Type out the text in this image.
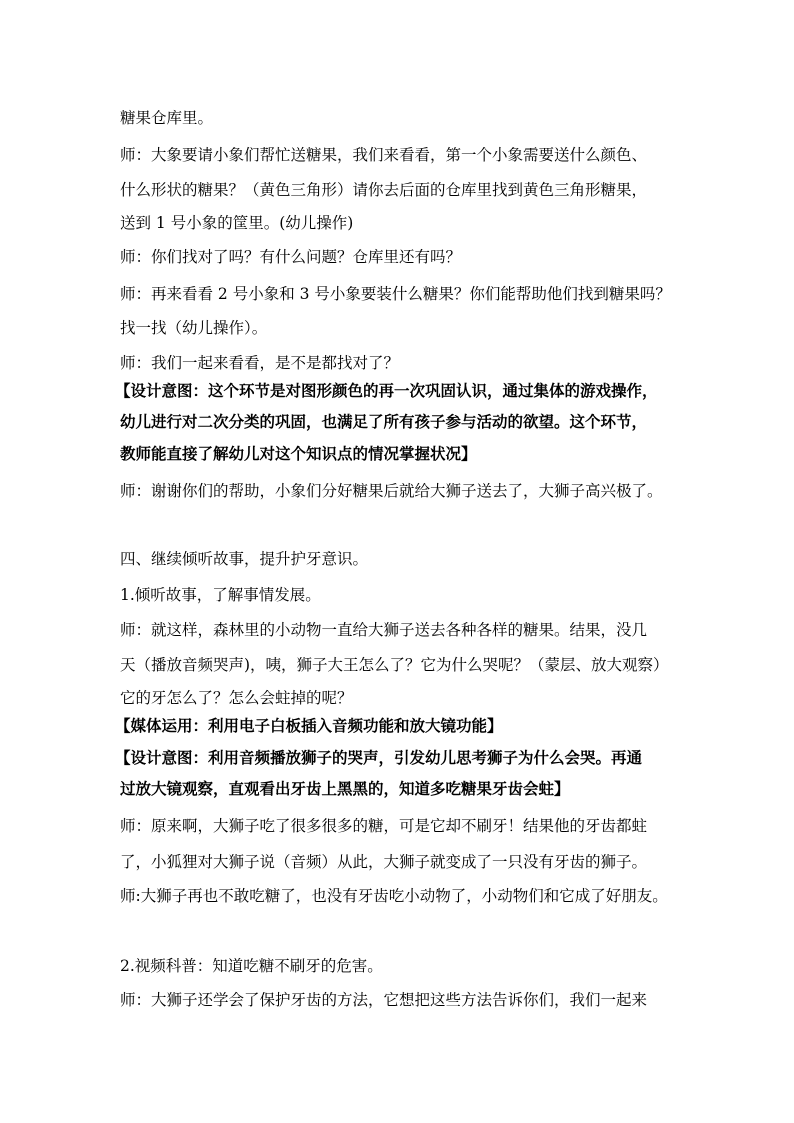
糖果仓库里。
师：大象要请小象们帮忙送糖果，我们来看看，第一个小象需要送什么颜色、
什么形状的糖果？（黄色三角形）请你去后面的仓库里找到黄色三角形糖果，
送到 1 号小象的筐里。(幼儿操作)
师：你们找对了吗？有什么问题？仓库里还有吗？
师：再来看看 2 号小象和 3 号小象要装什么糖果？你们能帮助他们找到糖果吗？
找一找（幼儿操作）。
师：我们一起来看看，是不是都找对了？
【设计意图：这个环节是对图形颜色的再一次巩固认识，通过集体的游戏操作，
幼儿进行对二次分类的巩固，也满足了所有孩子参与活动的欲望。这个环节，
教师能直接了解幼儿对这个知识点的情况掌握状况】
师：谢谢你们的帮助，小象们分好糖果后就给大狮子送去了，大狮子高兴极了。
四、继续倾听故事，提升护牙意识。
1.倾听故事，了解事情发展。
师：就这样，森林里的小动物一直给大狮子送去各种各样的糖果。结果，没几
天（播放音频哭声)，咦，狮子大王怎么了？它为什么哭呢？（蒙层、放大观察）
它的牙怎么了？怎么会蛀掉的呢？
【媒体运用：利用电子白板插入音频功能和放大镜功能】
【设计意图：利用音频播放狮子的哭声，引发幼儿思考狮子为什么会哭。再通
过放大镜观察，直观看出牙齿上黑黑的，知道多吃糖果牙齿会蛀】
师：原来啊，大狮子吃了很多很多的糖，可是它却不刷牙！结果他的牙齿都蛀
了，小狐狸对大狮子说（音频）从此，大狮子就变成了一只没有牙齿的狮子。
师:大狮子再也不敢吃糖了，也没有牙齿吃小动物了，小动物们和它成了好朋友。
2.视频科普：知道吃糖不刷牙的危害。
师：大狮子还学会了保护牙齿的方法，它想把这些方法告诉你们，我们一起来
